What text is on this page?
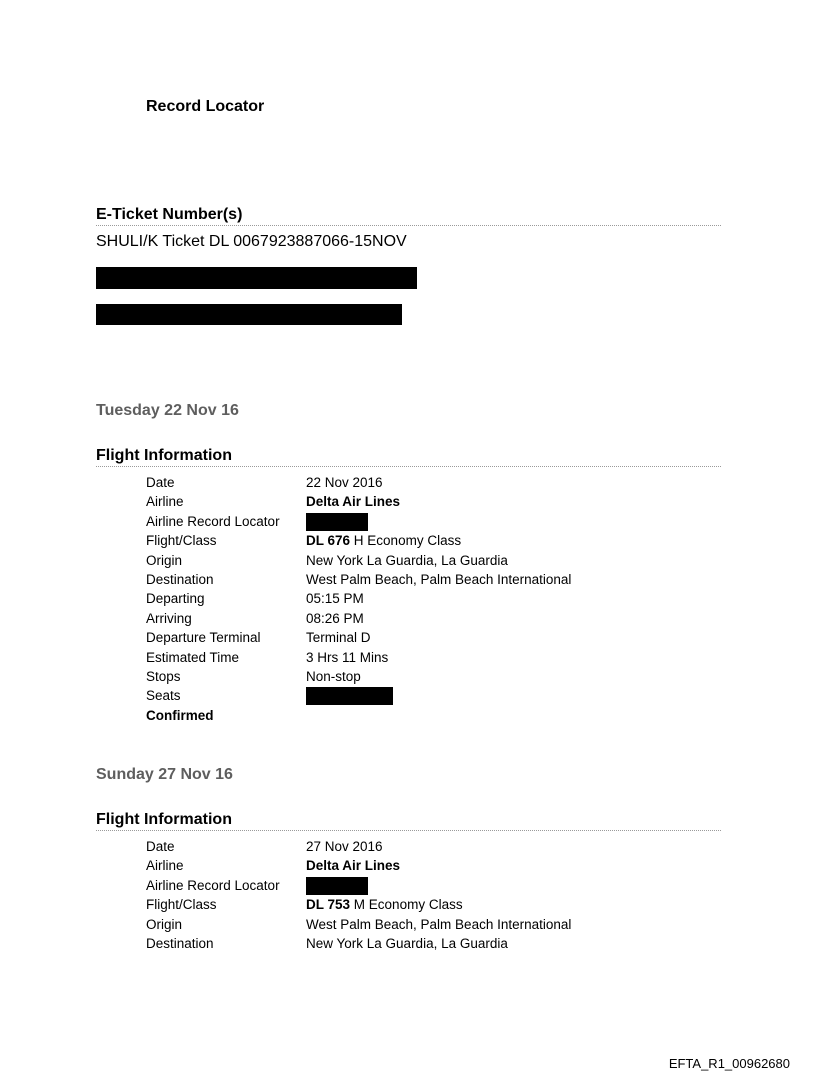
Record Locator
E-Ticket Number(s)
SHULI/K Ticket DL 0067923887066-15NOV
Tuesday 22 Nov 16
Flight Information
Date	22 Nov 2016
Airline	Delta Air Lines
Airline Record Locator
Flight/Class	DL 676 H Economy Class
Origin	New York La Guardia, La Guardia
Destination	West Palm Beach, Palm Beach International
Departing	05:15 PM
Arriving	08:26 PM
Departure Terminal	Terminal D
Estimated Time	3 Hrs 11 Mins
Stops	Non-stop
Seats
Confirmed
Sunday 27 Nov 16
Flight Information
Date	27 Nov 2016
Airline	Delta Air Lines
Airline Record Locator
Flight/Class	DL 753 M Economy Class
Origin	West Palm Beach, Palm Beach International
Destination	New York La Guardia, La Guardia
EFTA_R1_00962680
